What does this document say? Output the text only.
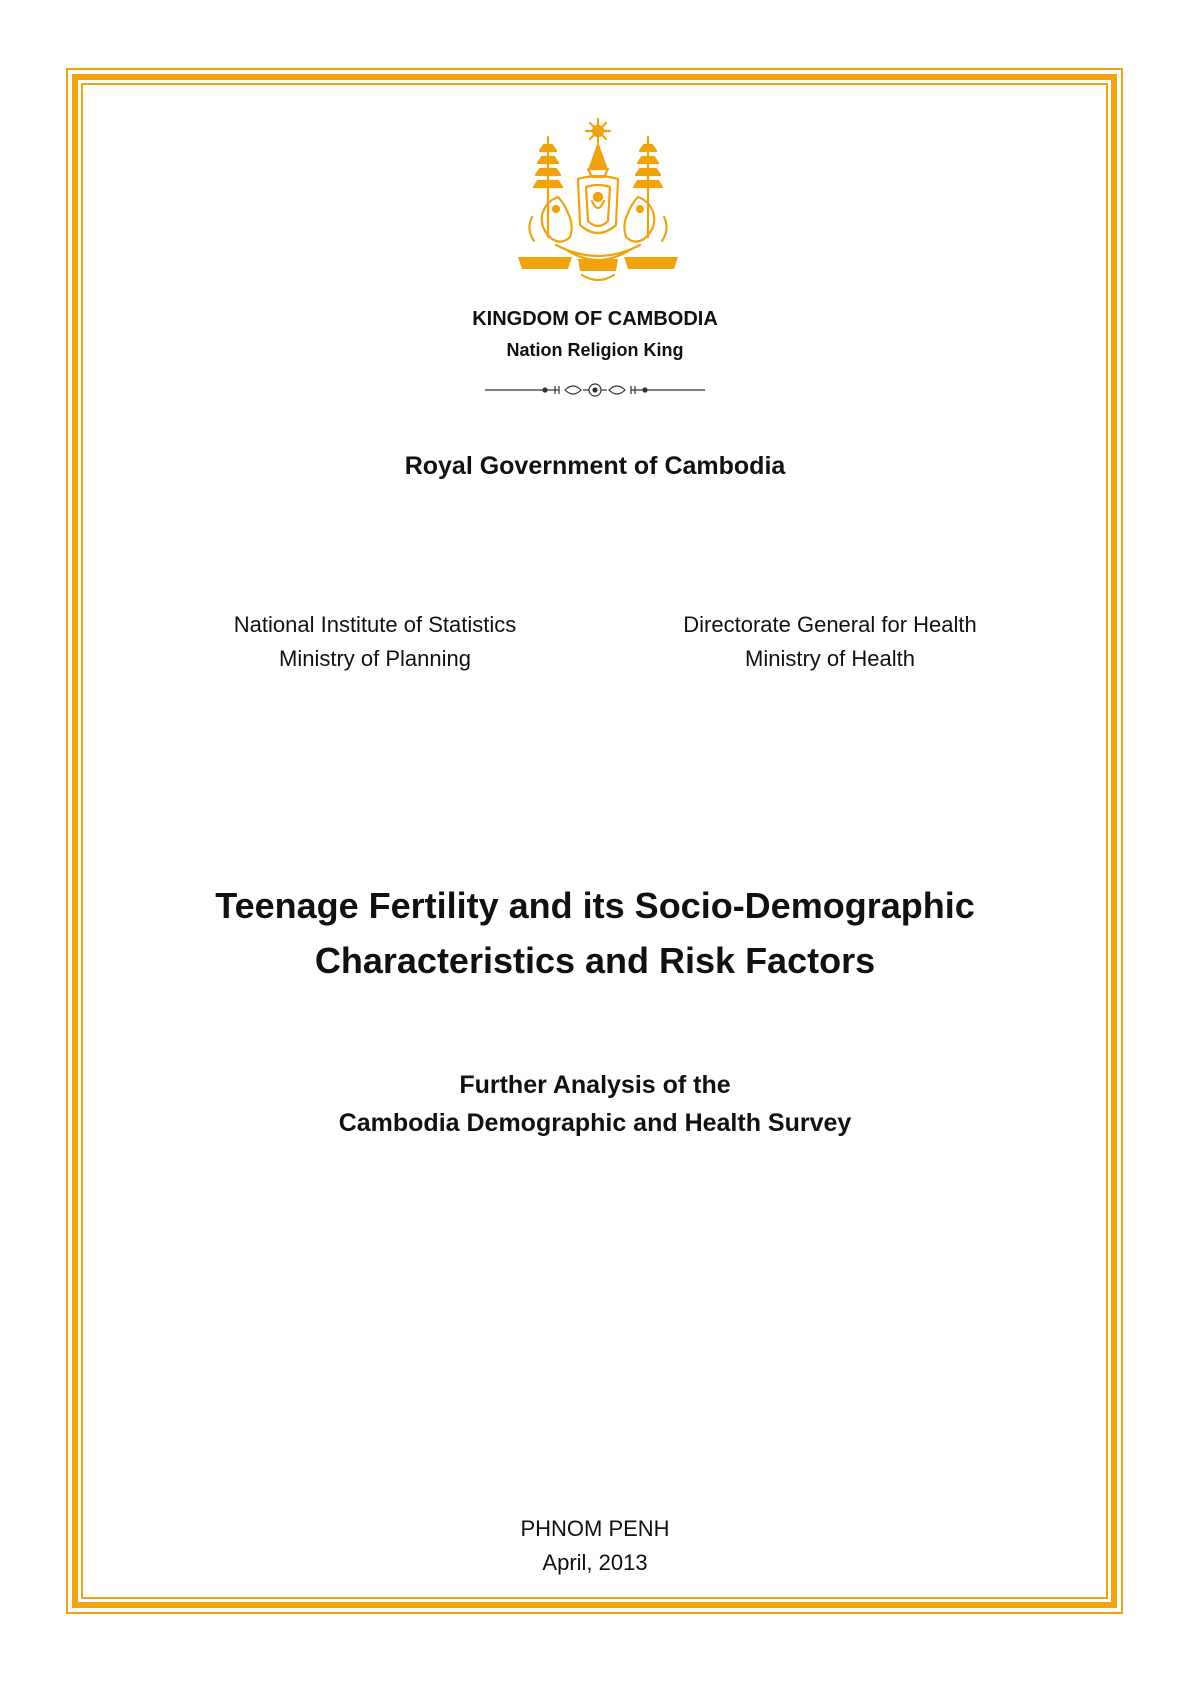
KINGDOM OF CAMBODIA

Nation Religion King

Royal Government of Cambodia

National Institute of Statistics
Ministry of Planning
Directorate General for Health
Ministry of Health
Teenage Fertility and its Socio-Demographic
Characteristics and Risk Factors
Further Analysis of the
Cambodia Demographic and Health Survey
PHNOM PENH
April, 2013
